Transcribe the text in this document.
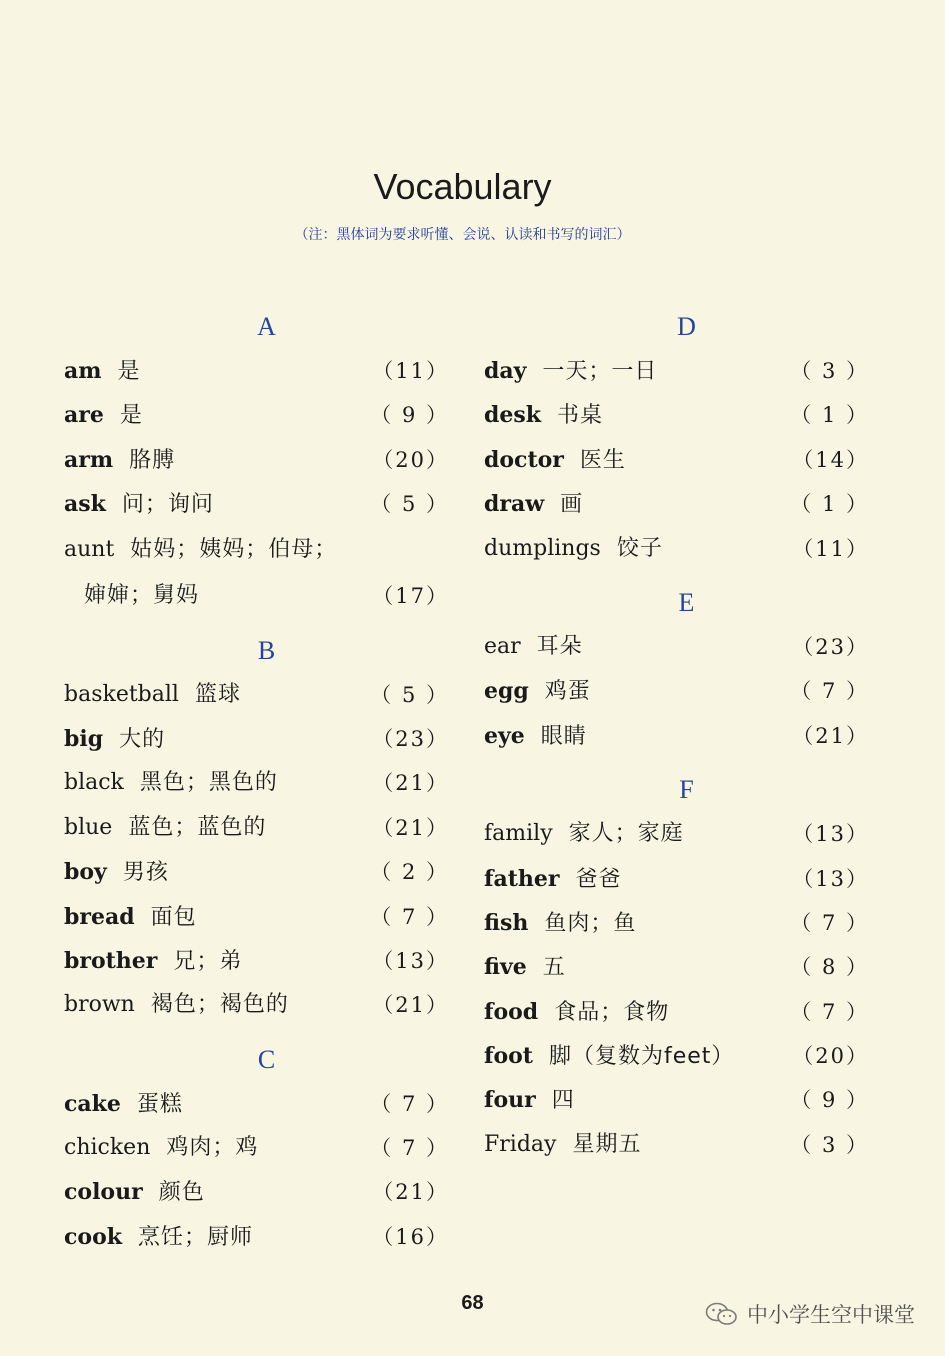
Vocabulary
（注：黑体词为要求听懂、会说、认读和书写的词汇）
A
am 是	（11）
are 是	（ 9 ）
arm 胳膊	（20）
ask 问；询问	（ 5 ）
aunt 姑妈；姨妈；伯母；
婶婶；舅妈	（17）
B
basketball 篮球	（ 5 ）
big 大的	（23）
black 黑色；黑色的	（21）
blue 蓝色；蓝色的	（21）
boy 男孩	（ 2 ）
bread 面包	（ 7 ）
brother 兄；弟	（13）
brown 褐色；褐色的	（21）
C
cake 蛋糕	（ 7 ）
chicken 鸡肉；鸡	（ 7 ）
colour 颜色	（21）
cook 烹饪；厨师	（16）
D
day 一天；一日	（ 3 ）
desk 书桌	（ 1 ）
doctor 医生	（14）
draw 画	（ 1 ）
dumplings 饺子	（11）
E
ear 耳朵	（23）
egg 鸡蛋	（ 7 ）
eye 眼睛	（21）
F
family 家人；家庭	（13）
father 爸爸	（13）
fish 鱼肉；鱼	（ 7 ）
five 五	（ 8 ）
food 食品；食物	（ 7 ）
foot 脚（复数为feet）	（20）
four 四	（ 9 ）
Friday 星期五	（ 3 ）
68	中小学生空中课堂
